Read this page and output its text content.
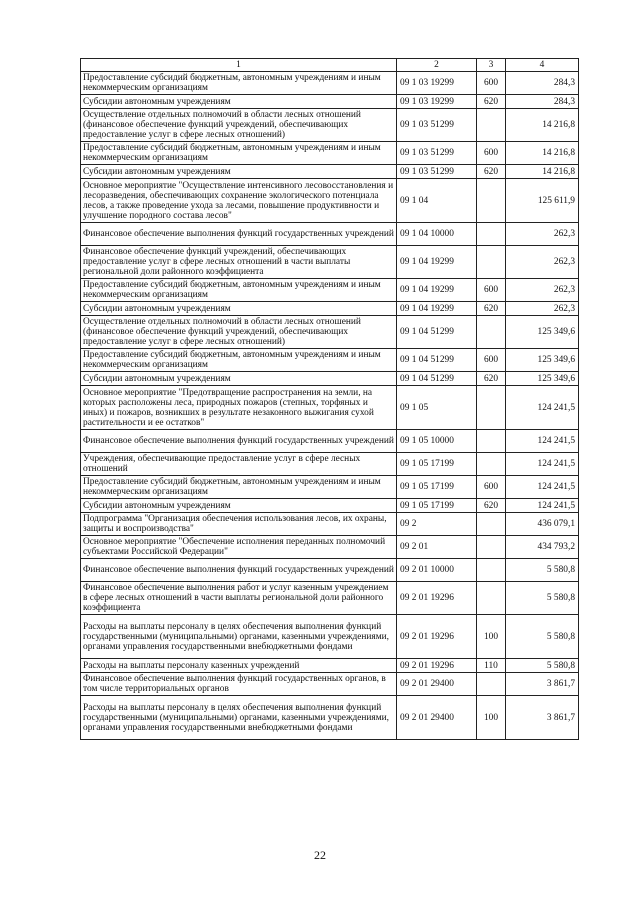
1	2	3	4
Предоставление субсидий бюджетным, автономным учреждениям и иным некоммерческим организациям	09 1 03 19299	600	284,3
Субсидии автономным учреждениям	09 1 03 19299	620	284,3
Осуществление отдельных полномочий в области лесных отношений (финансовое обеспечение функций учреждений, обеспечивающих предоставление услуг в сфере лесных отношений)	09 1 03 51299		14 216,8
Предоставление субсидий бюджетным, автономным учреждениям и иным некоммерческим организациям	09 1 03 51299	600	14 216,8
Субсидии автономным учреждениям	09 1 03 51299	620	14 216,8
Основное мероприятие "Осуществление интенсивного лесовосстановления и лесоразведения, обеспечивающих сохранение экологического потенциала лесов, а также проведение ухода за лесами, повышение продуктивности и улучшение породного состава лесов"	09 1 04		125 611,9
Финансовое обеспечение выполнения функций государственных учреждений	09 1 04 10000		262,3
Финансовое обеспечение функций учреждений, обеспечивающих предоставление услуг в сфере лесных отношений в части выплаты региональной доли районного коэффициента	09 1 04 19299		262,3
Предоставление субсидий бюджетным, автономным учреждениям и иным некоммерческим организациям	09 1 04 19299	600	262,3
Субсидии автономным учреждениям	09 1 04 19299	620	262,3
Осуществление отдельных полномочий в области лесных отношений (финансовое обеспечение функций учреждений, обеспечивающих предоставление услуг в сфере лесных отношений)	09 1 04 51299		125 349,6
Предоставление субсидий бюджетным, автономным учреждениям и иным некоммерческим организациям	09 1 04 51299	600	125 349,6
Субсидии автономным учреждениям	09 1 04 51299	620	125 349,6
Основное мероприятие "Предотвращение распространения на земли, на которых расположены леса, природных пожаров (степных, торфяных и иных) и пожаров, возникших в результате незаконного выжигания сухой растительности и ее остатков"	09 1 05		124 241,5
Финансовое обеспечение выполнения функций государственных учреждений	09 1 05 10000		124 241,5
Учреждения, обеспечивающие предоставление услуг в сфере лесных отношений	09 1 05 17199		124 241,5
Предоставление субсидий бюджетным, автономным учреждениям и иным некоммерческим организациям	09 1 05 17199	600	124 241,5
Субсидии автономным учреждениям	09 1 05 17199	620	124 241,5
Подпрограмма "Организация обеспечения использования лесов, их охраны, защиты и воспроизводства"	09 2		436 079,1
Основное мероприятие "Обеспечение исполнения переданных полномочий субъектами Российской Федерации"	09 2 01		434 793,2
Финансовое обеспечение выполнения функций государственных учреждений	09 2 01 10000		5 580,8
Финансовое обеспечение выполнения работ и услуг казенным учреждением в сфере лесных отношений в части выплаты региональной доли районного коэффициента	09 2 01 19296		5 580,8
Расходы на выплаты персоналу в целях обеспечения выполнения функций государственными (муниципальными) органами, казенными учреждениями, органами управления государственными внебюджетными фондами	09 2 01 19296	100	5 580,8
Расходы на выплаты персоналу казенных учреждений	09 2 01 19296	110	5 580,8
Финансовое обеспечение выполнения функций государственных органов, в том числе территориальных органов	09 2 01 29400		3 861,7
Расходы на выплаты персоналу в целях обеспечения выполнения функций государственными (муниципальными) органами, казенными учреждениями, органами управления государственными внебюджетными фондами	09 2 01 29400	100	3 861,7
22
